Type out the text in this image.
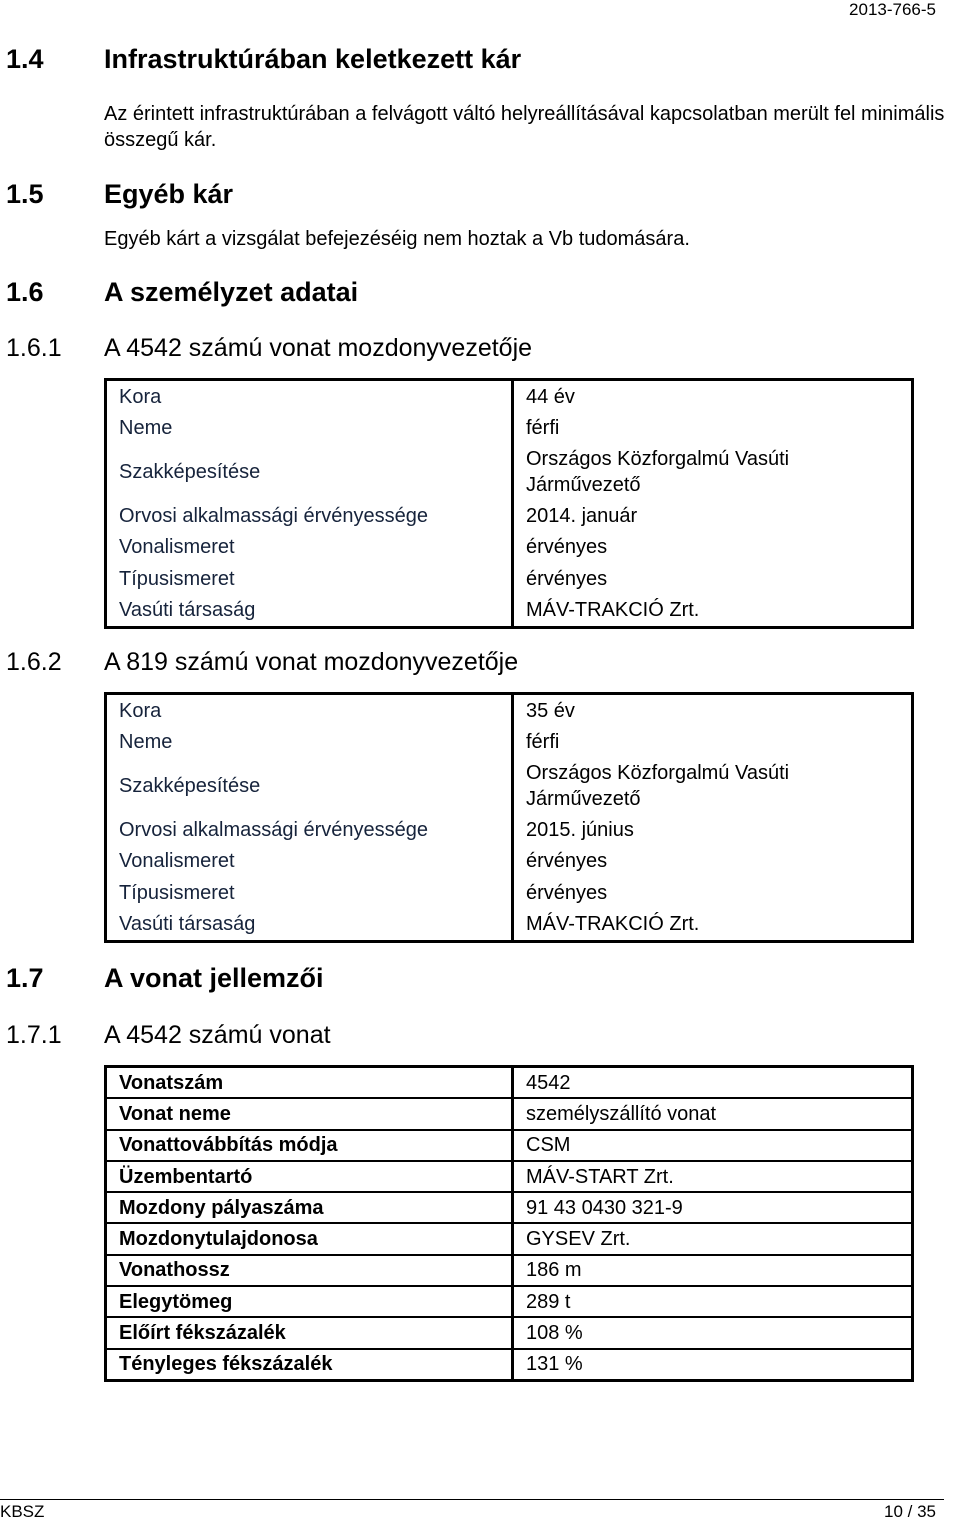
2013-766-5
1.4	Infrastruktúrában keletkezett kár
Az érintett infrastruktúrában a felvágott váltó helyreállításával kapcsolatban merült fel minimális összegű kár.
1.5	Egyéb kár
Egyéb kárt a vizsgálat befejezéséig nem hoztak a Vb tudomására.
1.6	A személyzet adatai
1.6.1	A 4542 számú vonat mozdonyvezetője
Kora	44 év
Neme	férfi
Szakképesítése	Országos Közforgalmú Vasúti Járművezető
Orvosi alkalmassági érvényessége	2014. január
Vonalismeret	érvényes
Típusismeret	érvényes
Vasúti társaság	MÁV-TRAKCIÓ Zrt.
1.6.2	A 819 számú vonat mozdonyvezetője
Kora	35 év
Neme	férfi
Szakképesítése	Országos Közforgalmú Vasúti Járművezető
Orvosi alkalmassági érvényessége	2015. június
Vonalismeret	érvényes
Típusismeret	érvényes
Vasúti társaság	MÁV-TRAKCIÓ Zrt.
1.7	A vonat jellemzői
1.7.1	A 4542 számú vonat
Vonatszám	4542
Vonat neme	személyszállító vonat
Vonattovábbítás módja	CSM
Üzembentartó	MÁV-START Zrt.
Mozdony pályaszáma	91 43 0430 321-9
Mozdonytulajdonosa	GYSEV Zrt.
Vonathossz	186 m
Elegytömeg	289 t
Előírt fékszázalék	108 %
Tényleges fékszázalék	131 %
KBSZ	10 / 35
